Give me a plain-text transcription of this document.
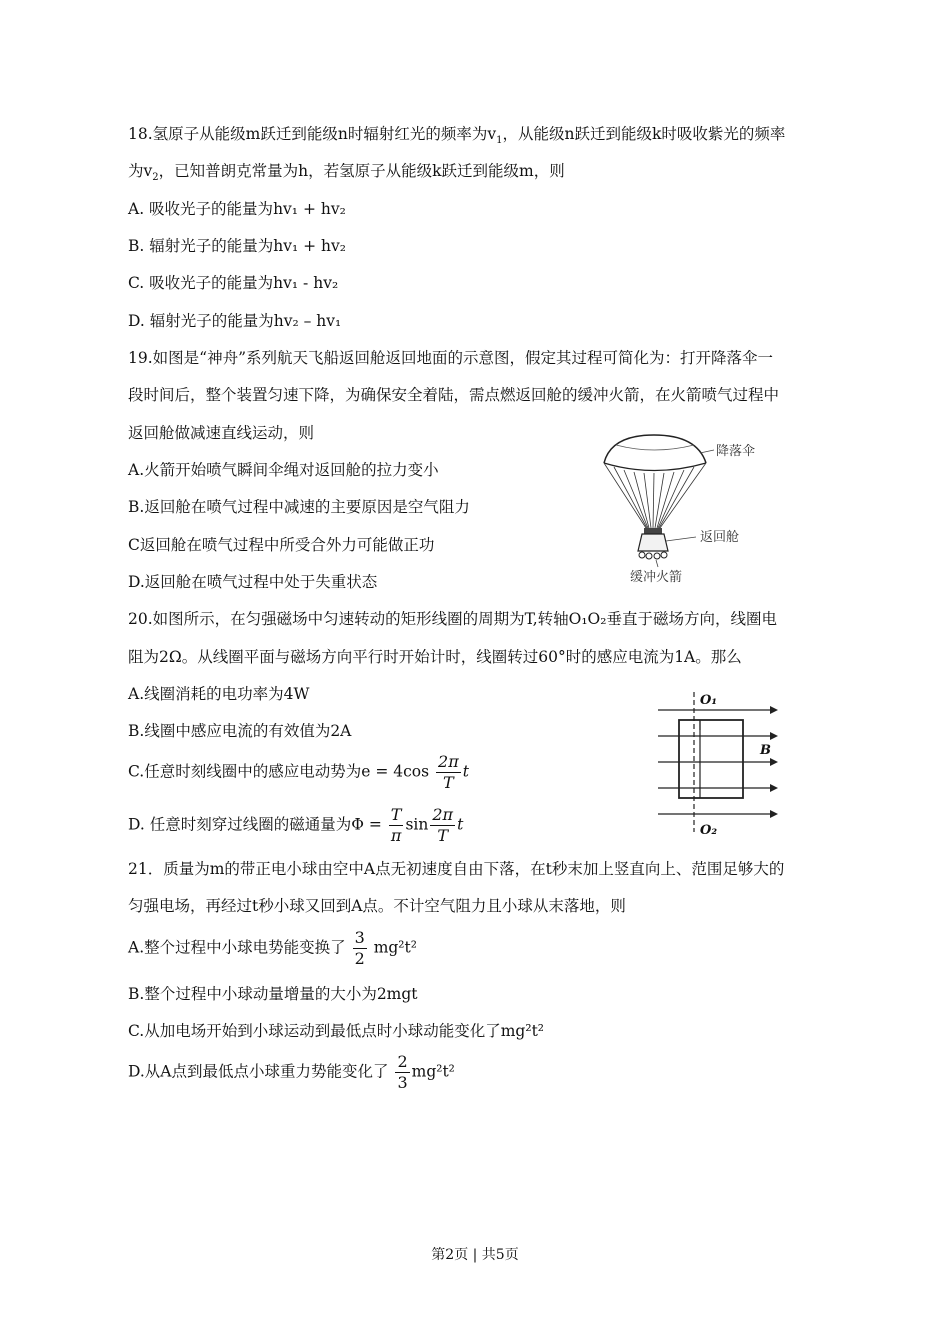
18.氢原子从能级m跃迁到能级n时辐射红光的频率为$v_1$，从能级n跃迁到能级k时吸收紫光的频率
为$v_2$，已知普朗克常量为h，若氢原子从能级k跃迁到能级m，则
A. 吸收光子的能量为hv₁ + hv₂
B. 辐射光子的能量为hv₁ + hv₂
C. 吸收光子的能量为hv₁ - hv₂
D. 辐射光子的能量为hv₂ – hv₁
19.如图是“神舟”系列航天飞船返回舱返回地面的示意图，假定其过程可简化为：打开降落伞一
段时间后，整个装置匀速下降，为确保安全着陆，需点燃返回舱的缓冲火箭，在火箭喷气过程中
返回舱做减速直线运动，则
A.火箭开始喷气瞬间伞绳对返回舱的拉力变小
B.返回舱在喷气过程中减速的主要原因是空气阻力
C返回舱在喷气过程中所受合外力可能做正功
D.返回舱在喷气过程中处于失重状态
降落伞
返回舱
缓冲火箭
20.如图所示，在匀强磁场中匀速转动的矩形线圈的周期为T,转轴O₁O₂垂直于磁场方向，线圈电
阻为2Ω。从线圈平面与磁场方向平行时开始计时，线圈转过60°时的感应电流为1A。那么
A.线圈消耗的电功率为4W
B.线圈中感应电流的有效值为2A
C.任意时刻线圈中的感应电动势为$e = 4\cos \frac{2\pi}{T}$ t
D. 任意时刻穿过线圈的磁通量为$\Phi = \frac{T}{\pi}$ $\sin \frac{2\pi}{T}$ t
O₁
O₂
B
21．质量为m的带正电小球由空中A点无初速度自由下落，在t秒末加上竖直向上、范围足够大的
匀强电场，再经过t秒小球又回到A点。不计空气阻力且小球从末落地，则
A.整个过程中小球电势能变换了 $\frac{3}{2} mg^2t^2$
B.整个过程中小球动量增量的大小为2mgt
C.从加电场开始到小球运动到最低点时小球动能变化了mg²t²
D.从A点到最低点小球重力势能变化了 $\frac{2}{3} mg^2t^2$
第2页 | 共5页
